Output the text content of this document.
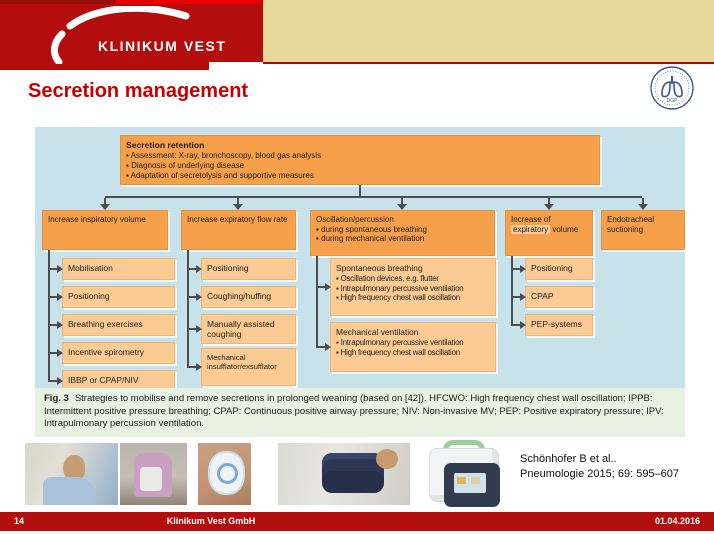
KLINIKUM VEST
DGP
Secretion management
Secretion retention
▪ Assessment: X-ray, bronchoscopy, blood gas analysis
▪ Diagnosis of underlying disease
▪ Adaptation of secretolysis and supportive measures
Increase inspiratory volume	Increase expiratory flow rate	Oscillation/percussion
▪ during spontaneous breathing
▪ during mechanical ventilation
Increase of
expiratory volume
Endotracheal suctioning
Mobilisation
Positioning
Breathing exercises
Incentive spirometry
IBBP or CPAP/NIV
Positioning
Coughing/huffing
Manually assisted coughing
Mechanical insufflator/exsufflator
Spontaneous breathing
▪ Oscillation devices, e.g. flutter
▪ Intrapulmonary percussive ventilation
▪ High frequency chest wall oscillation
Mechanical ventilation
▪ Intrapulmonary percussive ventilation
▪ High frequency chest wall oscillation
Positioning
CPAP
PEP-systems
Fig. 3 Strategies to mobilise and remove secretions in prolonged weaning (based on [42]). HFCWO: High frequency chest wall oscillation; IPPB: Intermittent positive pressure breathing; CPAP: Continuous positive airway pressure; NIV: Non-invasive MV; PEP: Positive expiratory pressure; IPV: Intrapulmonary percussion ventilation.
Schönhofer B et al..
Pneumologie 2015; 69: 595–607
14	Klinikum Vest GmbH	01.04.2016
